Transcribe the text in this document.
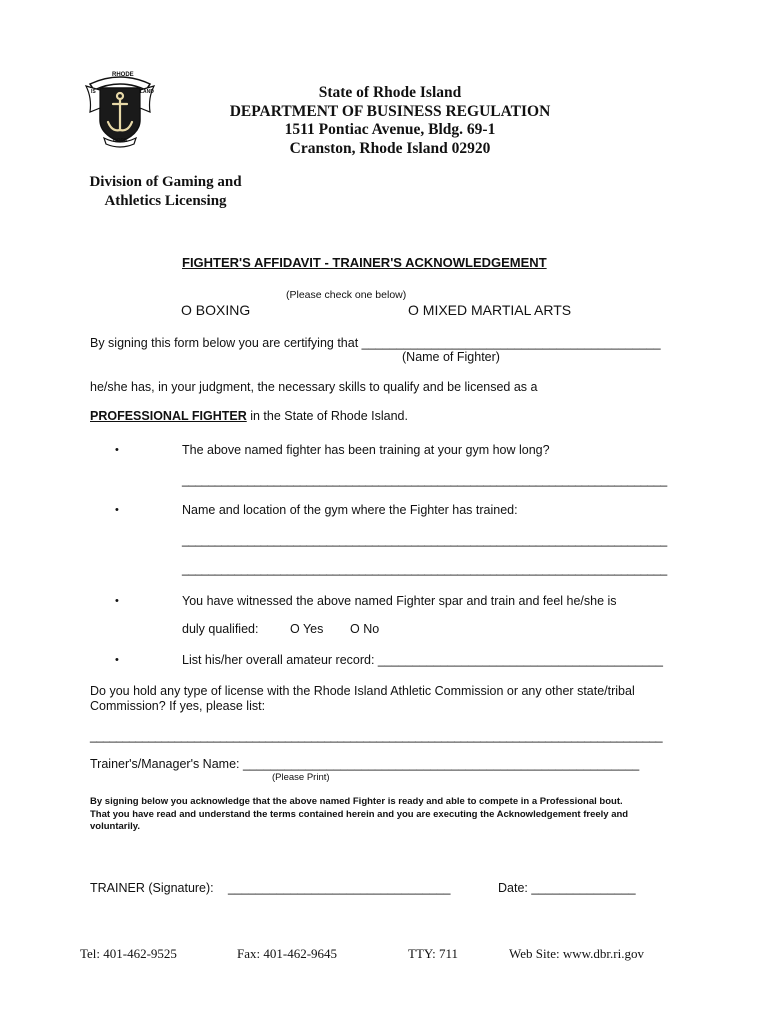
RHODE
IS	LAND
HOPE
State of Rhode Island
DEPARTMENT OF BUSINESS REGULATION
1511 Pontiac Avenue, Bldg. 69-1
Cranston, Rhode Island 02920
Division of Gaming and
Athletics Licensing
FIGHTER'S AFFIDAVIT - TRAINER'S ACKNOWLEDGEMENT
(Please check one below)
O BOXING	O MIXED MARTIAL ARTS
By signing this form below you are certifying that ___________________________________________
(Name of Fighter)
he/she has, in your judgment, the necessary skills to qualify and be licensed as a
PROFESSIONAL FIGHTER in the State of Rhode Island.
•	The above named fighter has been training at your gym how long?
__________________________________________________________________________
•	Name and location of the gym where the Fighter has trained:
__________________________________________________________________________
__________________________________________________________________________
•	You have witnessed the above named Fighter spar and train and feel he/she is
duly qualified:	O Yes O No
•	List his/her overall amateur record: _________________________________________
Do you hold any type of license with the Rhode Island Athletic Commission or any other state/tribal
Commission? If yes, please list:
________________________________________________________________________________________
Trainer's/Manager's Name: _________________________________________________________
(Please Print)
By signing below you acknowledge that the above named Fighter is ready and able to compete in a Professional bout.
That you have read and understand the terms contained herein and you are executing the Acknowledgement freely and
voluntarily.
TRAINER (Signature): ________________________________	Date: _______________
Tel: 401-462-9525	Fax: 401-462-9645	TTY: 711	Web Site: www.dbr.ri.gov
